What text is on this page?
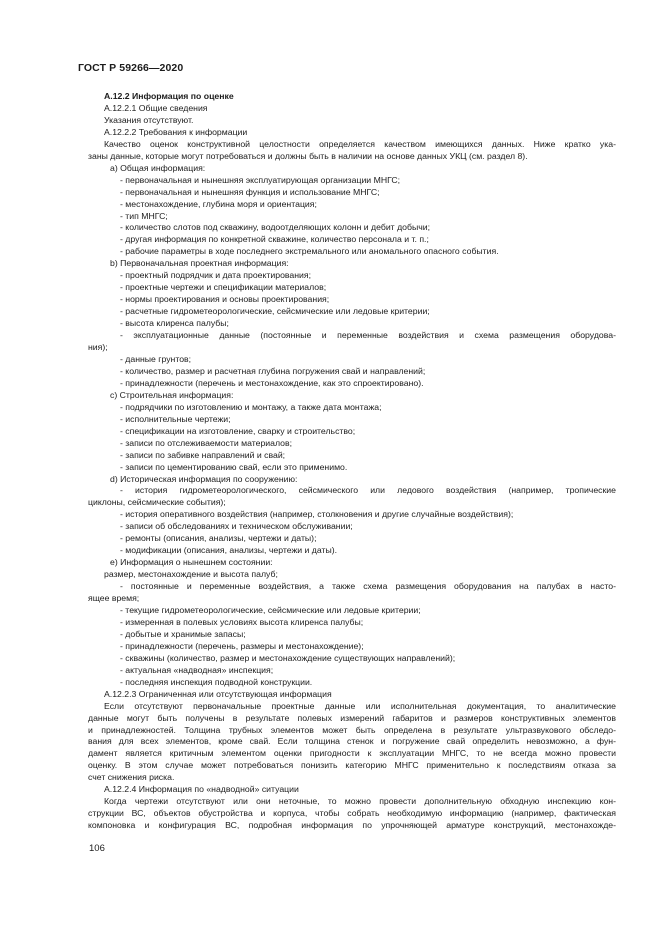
ГОСТ Р 59266—2020
А.12.2 Информация по оценке
А.12.2.1 Общие сведения
Указания отсутствуют.
А.12.2.2 Требования к информации
Качество оценок конструктивной целостности определяется качеством имеющихся данных. Ниже кратко ука-
заны данные, которые могут потребоваться и должны быть в наличии на основе данных УКЦ (см. раздел 8).
а) Общая информация:
- первоначальная и нынешняя эксплуатирующая организации МНГС;
- первоначальная и нынешняя функция и использование МНГС;
- местонахождение, глубина моря и ориентация;
- тип МНГС;
- количество слотов под скважину, водоотделяющих колонн и дебит добычи;
- другая информация по конкретной скважине, количество персонала и т. п.;
- рабочие параметры в ходе последнего экстремального или аномального опасного события.
b) Первоначальная проектная информация:
- проектный подрядчик и дата проектирования;
- проектные чертежи и спецификации материалов;
- нормы проектирования и основы проектирования;
- расчетные гидрометеорологические, сейсмические или ледовые критерии;
- высота клиренса палубы;
- эксплуатационные данные (постоянные и переменные воздействия и схема размещения оборудова-
ния);
- данные грунтов;
- количество, размер и расчетная глубина погружения свай и направлений;
- принадлежности (перечень и местонахождение, как это спроектировано).
с) Строительная информация:
- подрядчики по изготовлению и монтажу, а также дата монтажа;
- исполнительные чертежи;
- спецификации на изготовление, сварку и строительство;
- записи по отслеживаемости материалов;
- записи по забивке направлений и свай;
- записи по цементированию свай, если это применимо.
d) Историческая информация по сооружению:
- история гидрометеорологического, сейсмического или ледового воздействия (например, тропические
циклоны, сейсмические события);
- история оперативного воздействия (например, столкновения и другие случайные воздействия);
- записи об обследованиях и техническом обслуживании;
- ремонты (описания, анализы, чертежи и даты);
- модификации (описания, анализы, чертежи и даты).
е) Информация о нынешнем состоянии:
размер, местонахождение и высота палуб;
- постоянные и переменные воздействия, а также схема размещения оборудования на палубах в насто-
ящее время;
- текущие гидрометеорологические, сейсмические или ледовые критерии;
- измеренная в полевых условиях высота клиренса палубы;
- добытые и хранимые запасы;
- принадлежности (перечень, размеры и местонахождение);
- скважины (количество, размер и местонахождение существующих направлений);
- актуальная «надводная» инспекция;
- последняя инспекция подводной конструкции.
А.12.2.3 Ограниченная или отсутствующая информация
Если отсутствуют первоначальные проектные данные или исполнительная документация, то аналитические
данные могут быть получены в результате полевых измерений габаритов и размеров конструктивных элементов
и принадлежностей. Толщина трубных элементов может быть определена в результате ультразвукового обследо-
вания для всех элементов, кроме свай. Если толщина стенок и погружение свай определить невозможно, а фун-
дамент является критичным элементом оценки пригодности к эксплуатации МНГС, то не всегда можно провести
оценку. В этом случае может потребоваться понизить категорию МНГС применительно к последствиям отказа за
счет снижения риска.
А.12.2.4 Информация по «надводной» ситуации
Когда чертежи отсутствуют или они неточные, то можно провести дополнительную обходную инспекцию кон-
струкции ВС, объектов обустройства и корпуса, чтобы собрать необходимую информацию (например, фактическая
компоновка и конфигурация ВС, подробная информация по упрочняющей арматуре конструкций, местонахожде-
106
